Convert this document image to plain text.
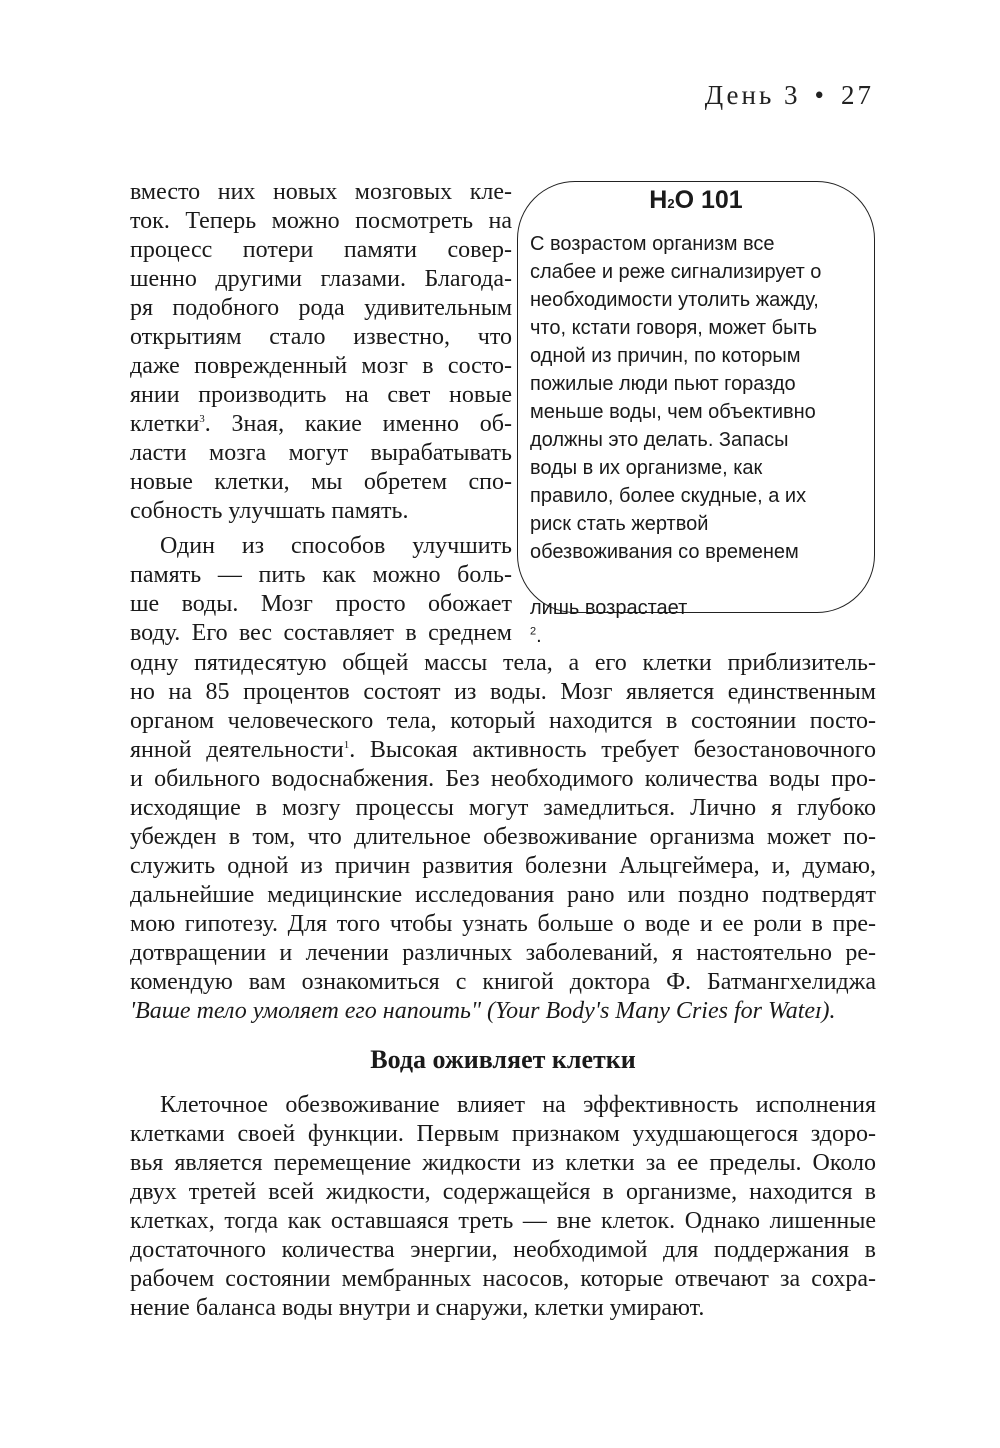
День 3 • 27
H2O 101

С возрастом организм все
слабее и реже сигнализирует о
необходимости утолить жажду,
что, кстати говоря, может быть
одной из причин, по которым
пожилые люди пьют гораздо
меньше воды, чем объективно
должны это делать. Запасы
воды в их организме, как
правило, более скудные, а их
риск стать жертвой
обезвоживания со временем

лишь возрастает
$^2$.

вместо них новых мозговых кле-
ток. Теперь можно посмотреть на
процесс потери памяти совер-
шенно другими глазами. Благода-
ря подобного рода удивительным
открытиям стало известно, что
даже поврежденный мозг в состо-
янии производить на свет новые
клетки$^3$. Зная, какие именно об-
ласти мозга могут вырабатывать
новые клетки, мы обретем спо-
собность улучшать память.

Один из способов улучшить
память — пить как можно боль-
ше воды. Мозг просто обожает
воду. Его вес составляет в среднем

одну пятидесятую общей массы тела, а его клетки приблизитель-
но на 85 процентов состоят из воды. Мозг является единственным
органом человеческого тела, который находится в состоянии посто-
янной деятельности$^1$. Высокая активность требует безостановочного
и обильного водоснабжения. Без необходимого количества воды про-
исходящие в мозгу процессы могут замедлиться. Лично я глубоко
убежден в том, что длительное обезвоживание организма может по-
служить одной из причин развития болезни Альцгеймера, и, думаю,
дальнейшие медицинские исследования рано или поздно подтвердят
мою гипотезу. Для того чтобы узнать больше о воде и ее роли в пре-
дотвращении и лечении различных заболеваний, я настоятельно ре-
комендую вам ознакомиться с книгой доктора Ф. Батмангхелиджа
'Ваше тело умоляет его напоить" (Your Body's Many Cries for Wateɪ).

Вода оживляет клетки

Клеточное обезвоживание влияет на эффективность исполнения
клетками своей функции. Первым признаком ухудшающегося здоро-
вья является перемещение жидкости из клетки за ее пределы. Около
двух третей всей жидкости, содержащейся в организме, находится в
клетках, тогда как оставшаяся треть — вне клеток. Однако лишенные
достаточного количества энергии, необходимой для поддержания в
рабочем состоянии мембранных насосов, которые отвечают за сохра-
нение баланса воды внутри и снаружи, клетки умирают.
